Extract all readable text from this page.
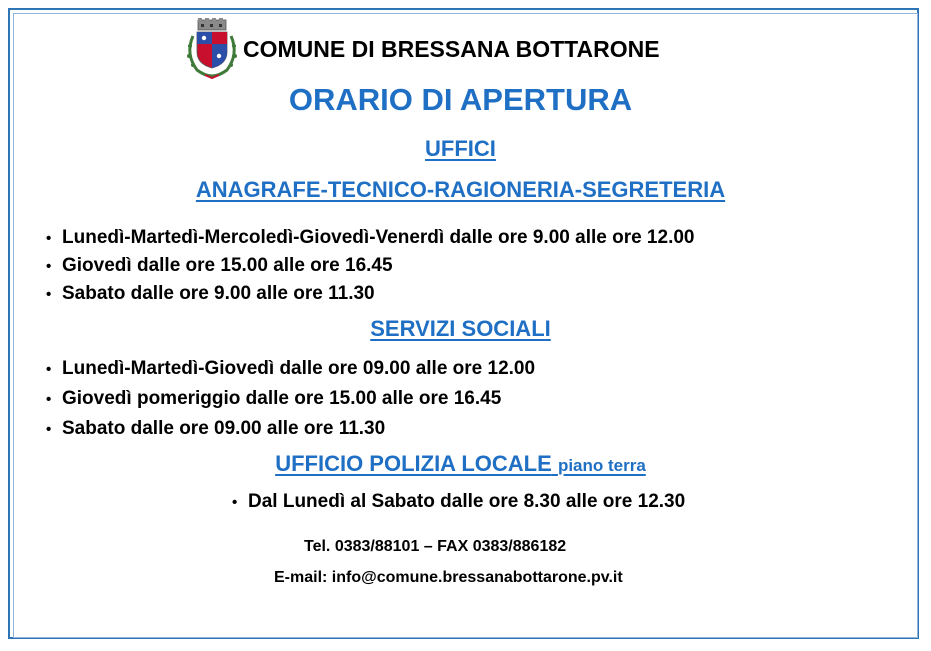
COMUNE DI BRESSANA BOTTARONE
ORARIO DI APERTURA
UFFICI
ANAGRAFE-TECNICO-RAGIONERIA-SEGRETERIA
• Lunedì-Martedì-Mercoledì-Giovedì-Venerdì dalle ore 9.00 alle ore 12.00
• Giovedì dalle ore 15.00 alle ore 16.45
• Sabato dalle ore 9.00 alle ore 11.30
SERVIZI SOCIALI
• Lunedì-Martedì-Giovedì dalle ore 09.00 alle ore 12.00
• Giovedì pomeriggio dalle ore 15.00 alle ore 16.45
• Sabato dalle ore 09.00 alle ore 11.30
UFFICIO POLIZIA LOCALE piano terra
• Dal Lunedì al Sabato dalle ore 8.30 alle ore 12.30
Tel. 0383/88101 – FAX 0383/886182
E-mail: info@comune.bressanabottarone.pv.it
